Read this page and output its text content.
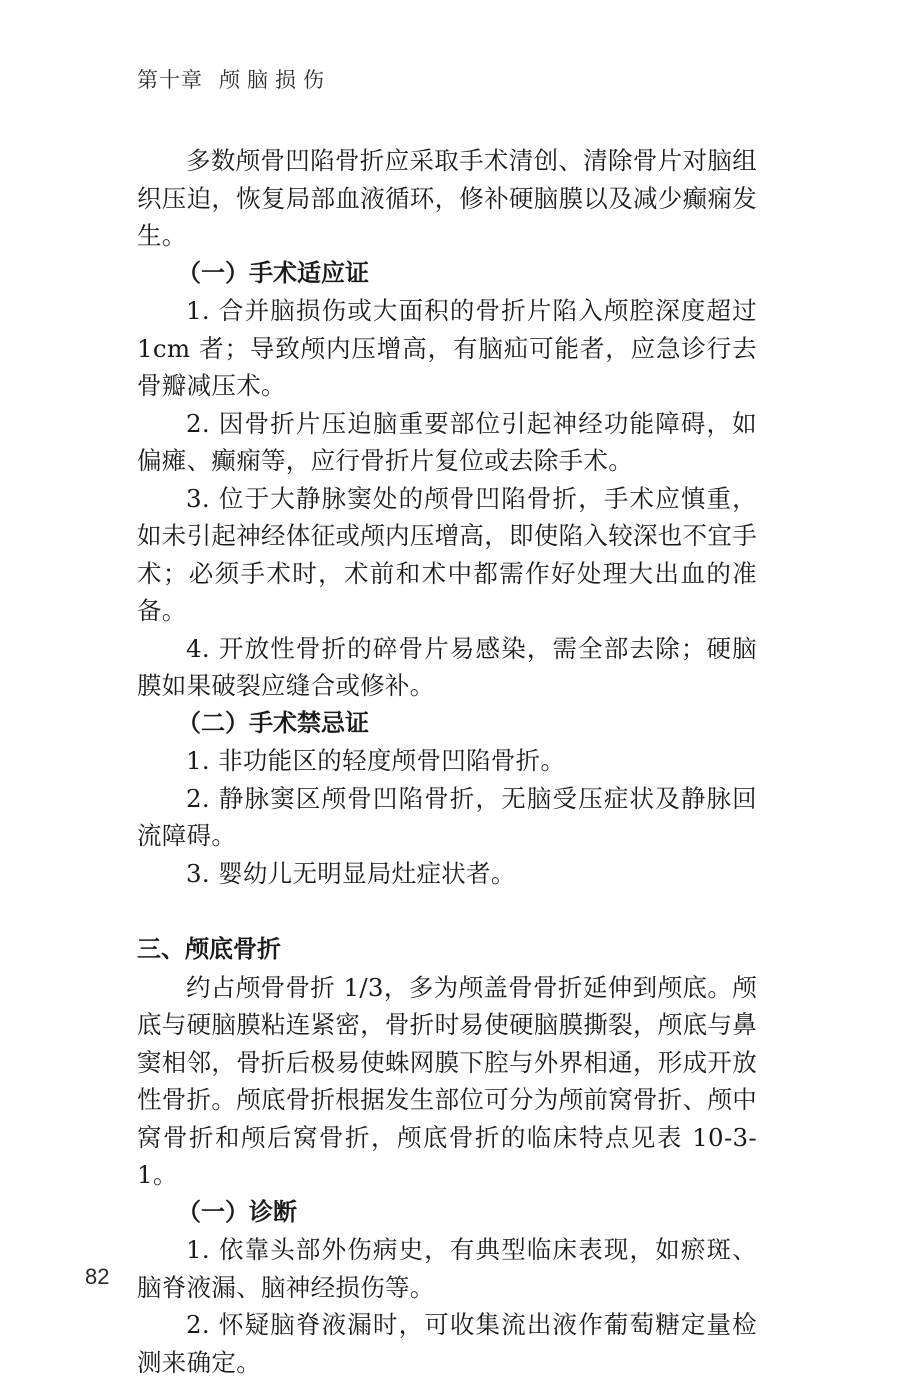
第十章 颅脑损伤

多数颅骨凹陷骨折应采取手术清创、清除骨片对脑组织压迫，恢复局部血液循环，修补硬脑膜以及减少癫痫发生。

（一）手术适应证

1. 合并脑损伤或大面积的骨折片陷入颅腔深度超过 1cm 者；导致颅内压增高，有脑疝可能者，应急诊行去骨瓣减压术。

2. 因骨折片压迫脑重要部位引起神经功能障碍，如偏瘫、癫痫等，应行骨折片复位或去除手术。

3. 位于大静脉窦处的颅骨凹陷骨折，手术应慎重，如未引起神经体征或颅内压增高，即使陷入较深也不宜手术；必须手术时，术前和术中都需作好处理大出血的准备。

4. 开放性骨折的碎骨片易感染，需全部去除；硬脑膜如果破裂应缝合或修补。

（二）手术禁忌证

1. 非功能区的轻度颅骨凹陷骨折。

2. 静脉窦区颅骨凹陷骨折，无脑受压症状及静脉回流障碍。

3. 婴幼儿无明显局灶症状者。

三、颅底骨折

约占颅骨骨折 1/3，多为颅盖骨骨折延伸到颅底。颅底与硬脑膜粘连紧密，骨折时易使硬脑膜撕裂，颅底与鼻窦相邻，骨折后极易使蛛网膜下腔与外界相通，形成开放性骨折。颅底骨折根据发生部位可分为颅前窝骨折、颅中窝骨折和颅后窝骨折，颅底骨折的临床特点见表 10-3-1。

（一）诊断

1. 依靠头部外伤病史，有典型临床表现，如瘀斑、脑脊液漏、脑神经损伤等。

2. 怀疑脑脊液漏时，可收集流出液作葡萄糖定量检测来确定。

82
